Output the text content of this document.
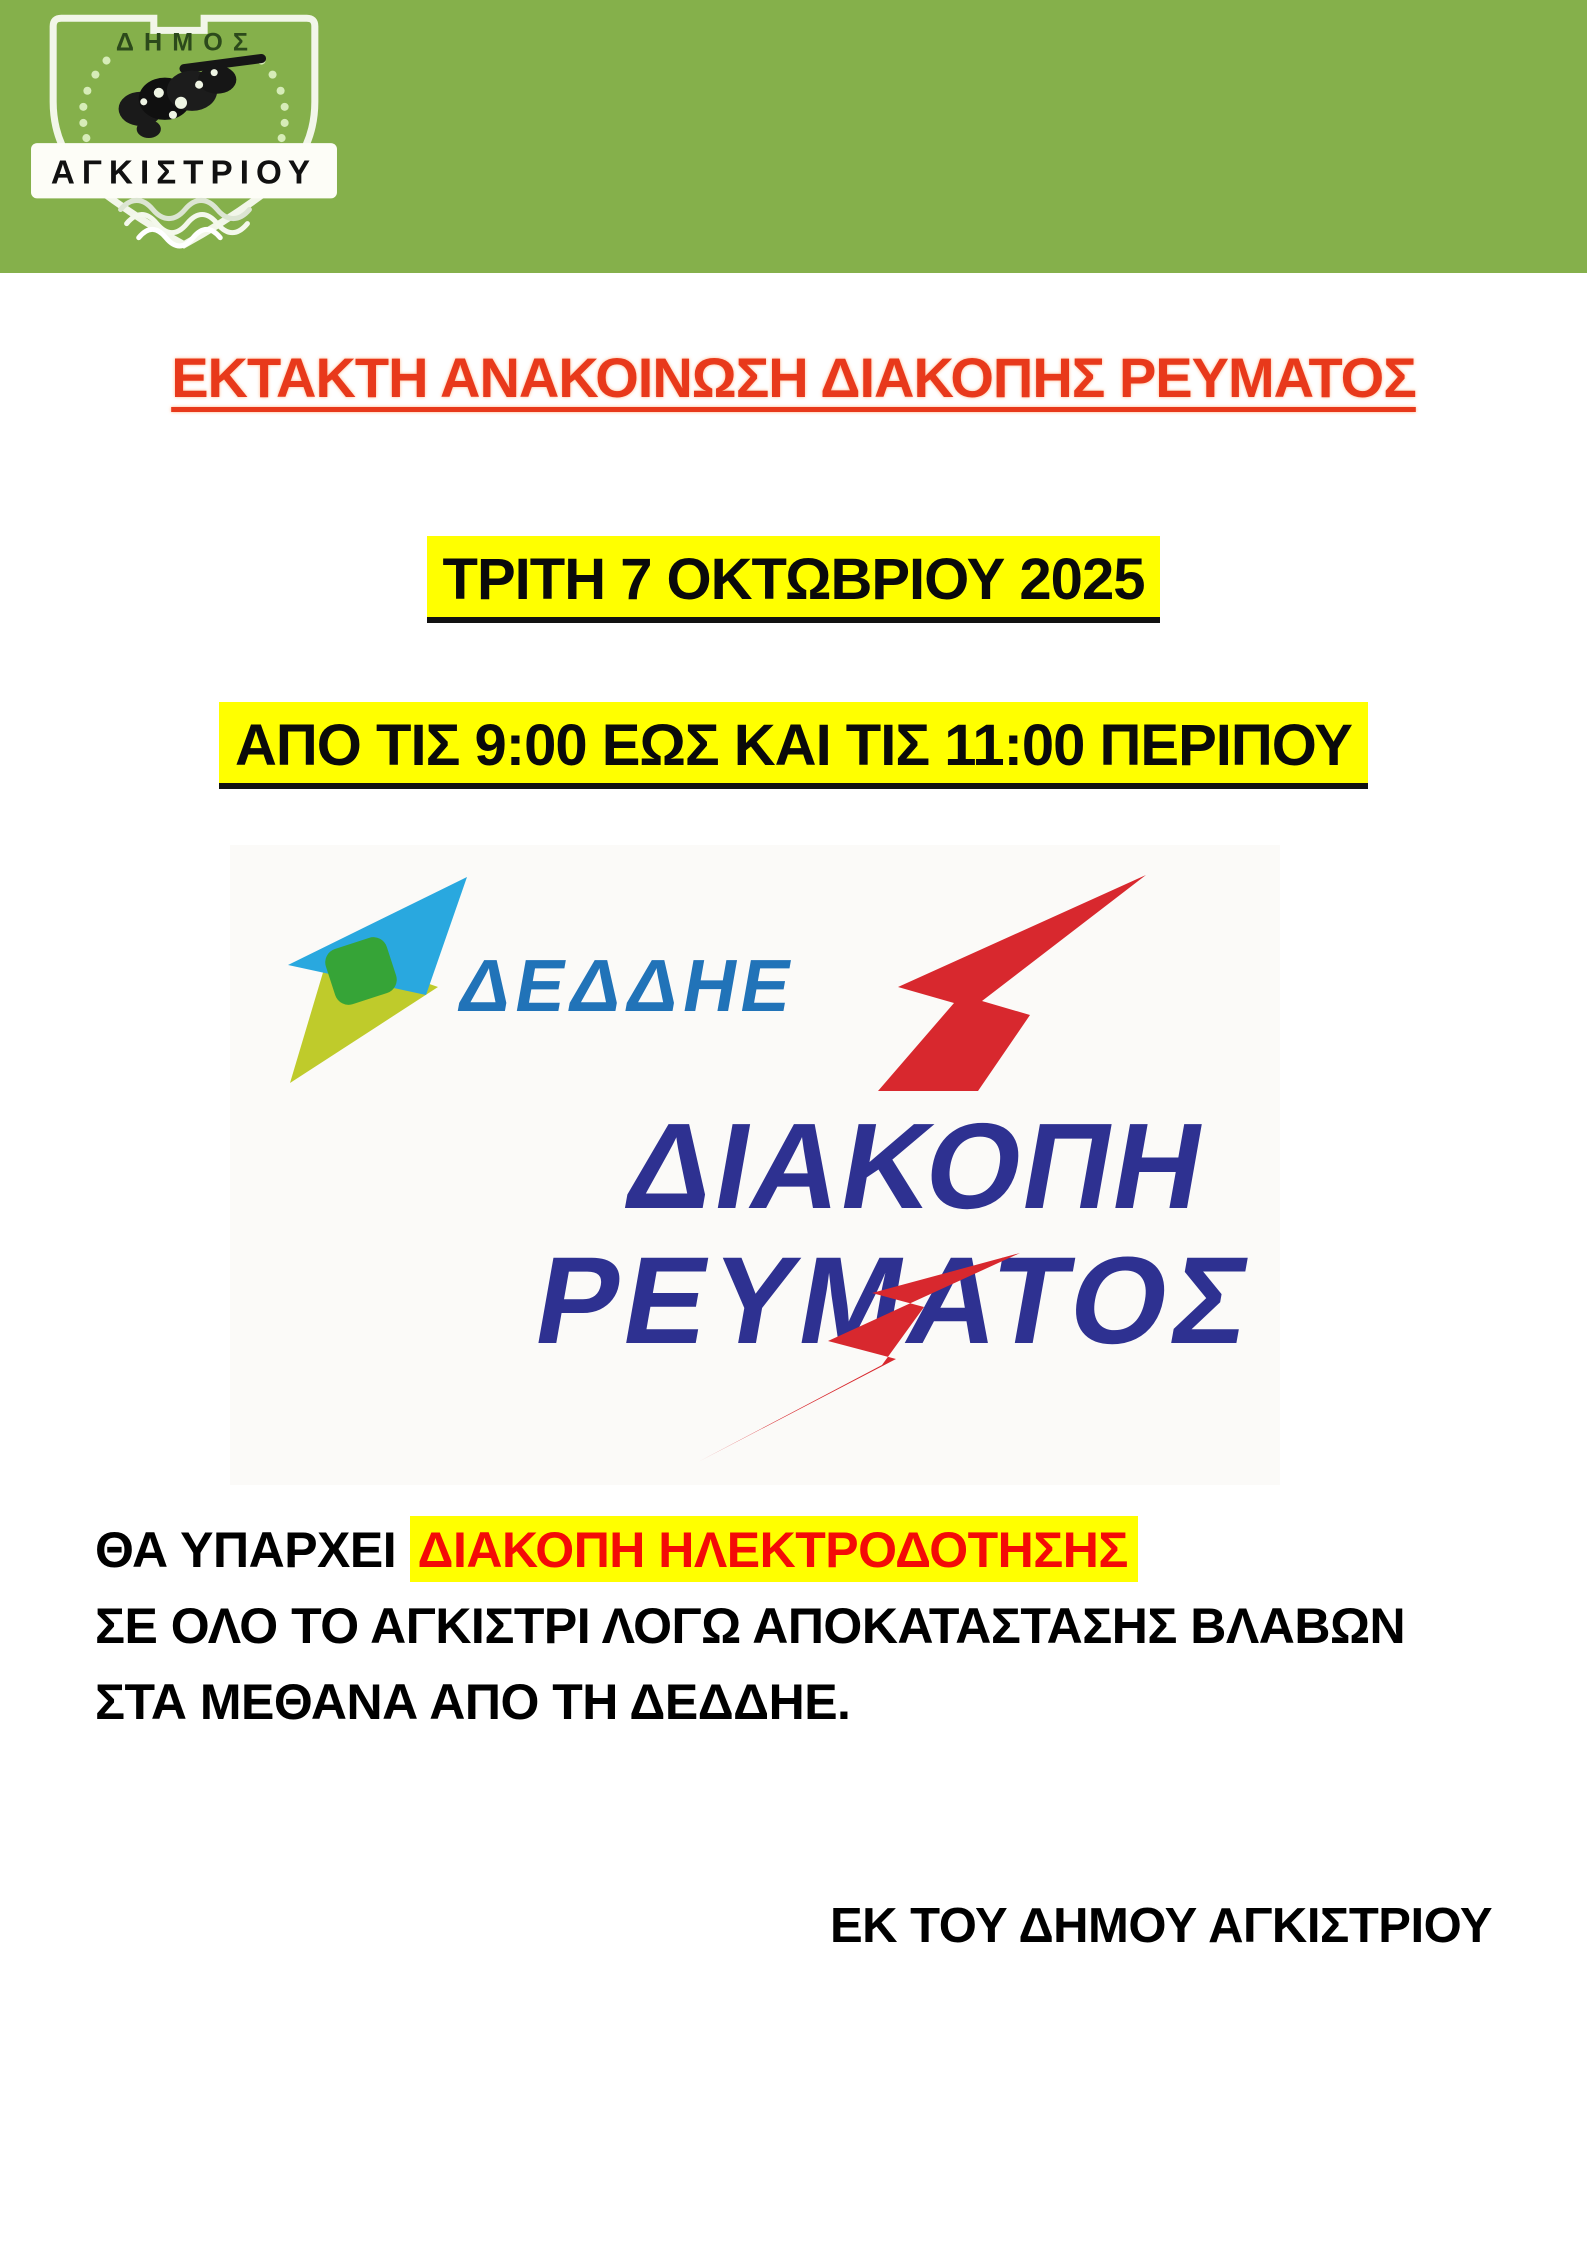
ΔΗΜΟΣ
ΑΓΚΙΣΤΡΙΟΥ
ΕΚΤΑΚΤΗ ΑΝΑΚΟΙΝΩΣΗ ΔΙΑΚΟΠΗΣ ΡΕΥΜΑΤΟΣ
ΤΡΙΤΗ 7 ΟΚΤΩΒΡΙΟΥ 2025
ΑΠΟ ΤΙΣ 9:00 ΕΩΣ ΚΑΙ ΤΙΣ 11:00 ΠΕΡΙΠΟΥ
ΔΕΔΔΗΕ
ΔΙΑΚΟΠΗ
ΡΕΥΜΑΤΟΣ
ΘΑ ΥΠΑΡΧΕΙ ΔΙΑΚΟΠΗ ΗΛΕΚΤΡΟΔΟΤΗΣΗΣ
ΣΕ ΟΛΟ ΤΟ ΑΓΚΙΣΤΡΙ ΛΟΓΩ ΑΠΟΚΑΤΑΣΤΑΣΗΣ ΒΛΑΒΩΝ
ΣΤΑ ΜΕΘΑΝΑ ΑΠΟ ΤΗ ΔΕΔΔΗΕ.
ΕΚ ΤΟΥ ΔΗΜΟΥ ΑΓΚΙΣΤΡΙΟΥ
